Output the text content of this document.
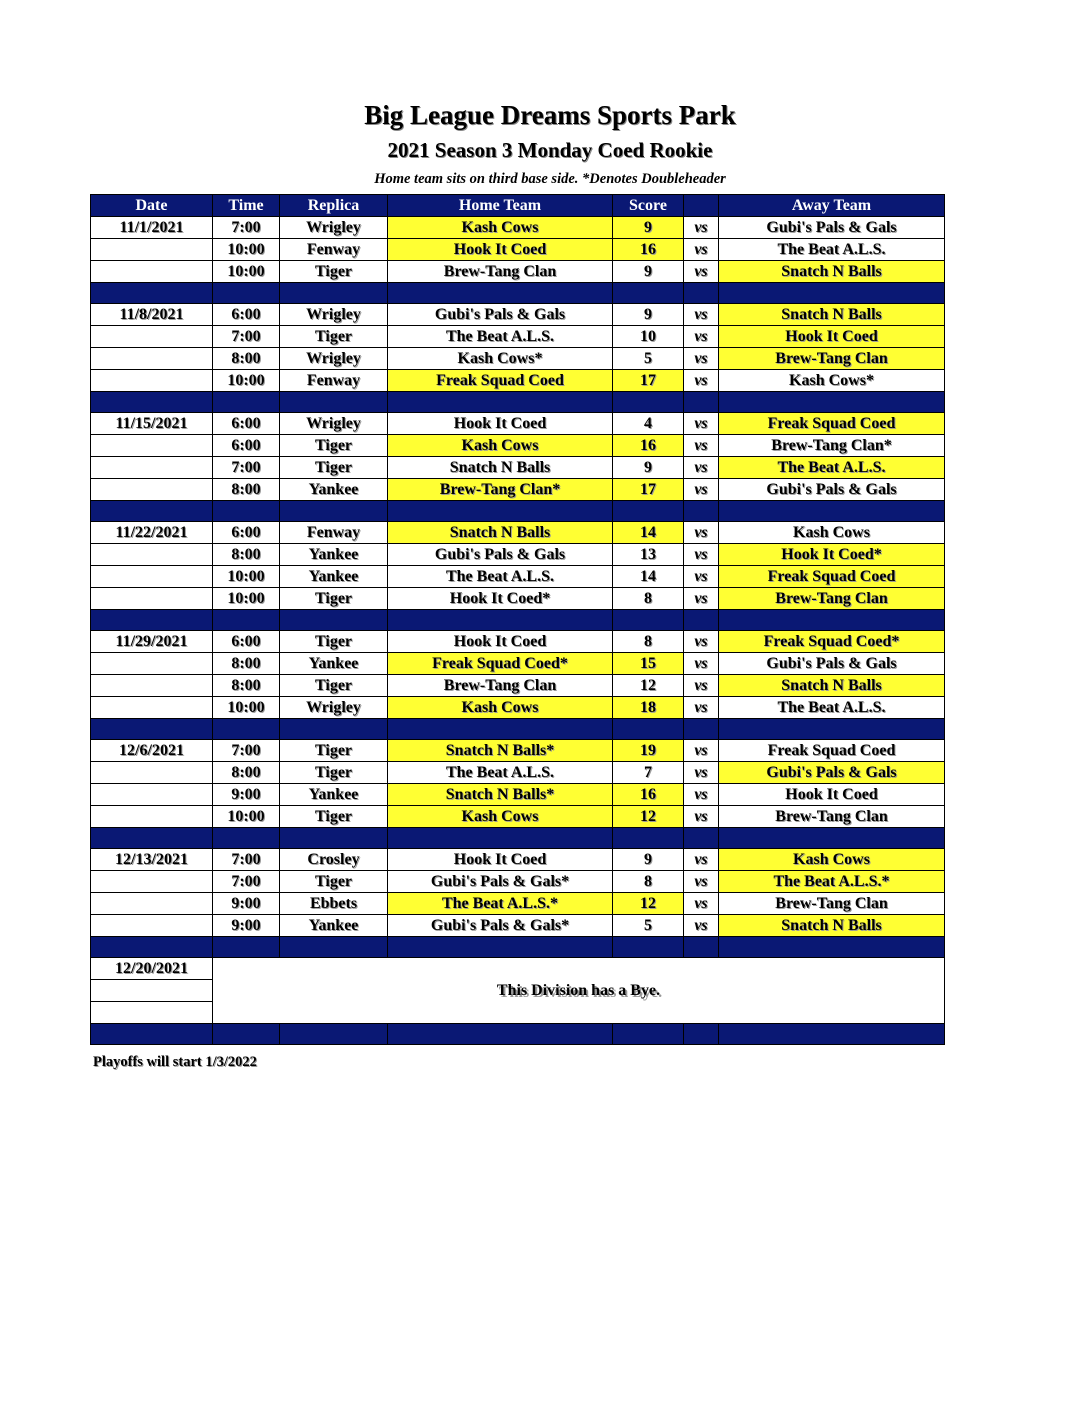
Big League Dreams Sports Park
2021 Season 3 Monday Coed Rookie
Home team sits on third base side. *Denotes Doubleheader
Date	Time	Replica	Home Team	Score		Away Team
11/1/2021	7:00	Wrigley	Kash Cows	9	vs	Gubi's Pals & Gals
	10:00	Fenway	Hook It Coed	16	vs	The Beat A.L.S.
	10:00	Tiger	Brew-Tang Clan	9	vs	Snatch N Balls

11/8/2021	6:00	Wrigley	Gubi's Pals & Gals	9	vs	Snatch N Balls
	7:00	Tiger	The Beat A.L.S.	10	vs	Hook It Coed
	8:00	Wrigley	Kash Cows*	5	vs	Brew-Tang Clan
	10:00	Fenway	Freak Squad Coed	17	vs	Kash Cows*

11/15/2021	6:00	Wrigley	Hook It Coed	4	vs	Freak Squad Coed
	6:00	Tiger	Kash Cows	16	vs	Brew-Tang Clan*
	7:00	Tiger	Snatch N Balls	9	vs	The Beat A.L.S.
	8:00	Yankee	Brew-Tang Clan*	17	vs	Gubi's Pals & Gals

11/22/2021	6:00	Fenway	Snatch N Balls	14	vs	Kash Cows
	8:00	Yankee	Gubi's Pals & Gals	13	vs	Hook It Coed*
	10:00	Yankee	The Beat A.L.S.	14	vs	Freak Squad Coed
	10:00	Tiger	Hook It Coed*	8	vs	Brew-Tang Clan

11/29/2021	6:00	Tiger	Hook It Coed	8	vs	Freak Squad Coed*
	8:00	Yankee	Freak Squad Coed*	15	vs	Gubi's Pals & Gals
	8:00	Tiger	Brew-Tang Clan	12	vs	Snatch N Balls
	10:00	Wrigley	Kash Cows	18	vs	The Beat A.L.S.

12/6/2021	7:00	Tiger	Snatch N Balls*	19	vs	Freak Squad Coed
	8:00	Tiger	The Beat A.L.S.	7	vs	Gubi's Pals & Gals
	9:00	Yankee	Snatch N Balls*	16	vs	Hook It Coed
	10:00	Tiger	Kash Cows	12	vs	Brew-Tang Clan

12/13/2021	7:00	Crosley	Hook It Coed	9	vs	Kash Cows
	7:00	Tiger	Gubi's Pals & Gals*	8	vs	The Beat A.L.S.*
	9:00	Ebbets	The Beat A.L.S.*	12	vs	Brew-Tang Clan
	9:00	Yankee	Gubi's Pals & Gals*	5	vs	Snatch N Balls

12/20/2021	This Division has a Bye.					

Playoffs will start 1/3/2022
